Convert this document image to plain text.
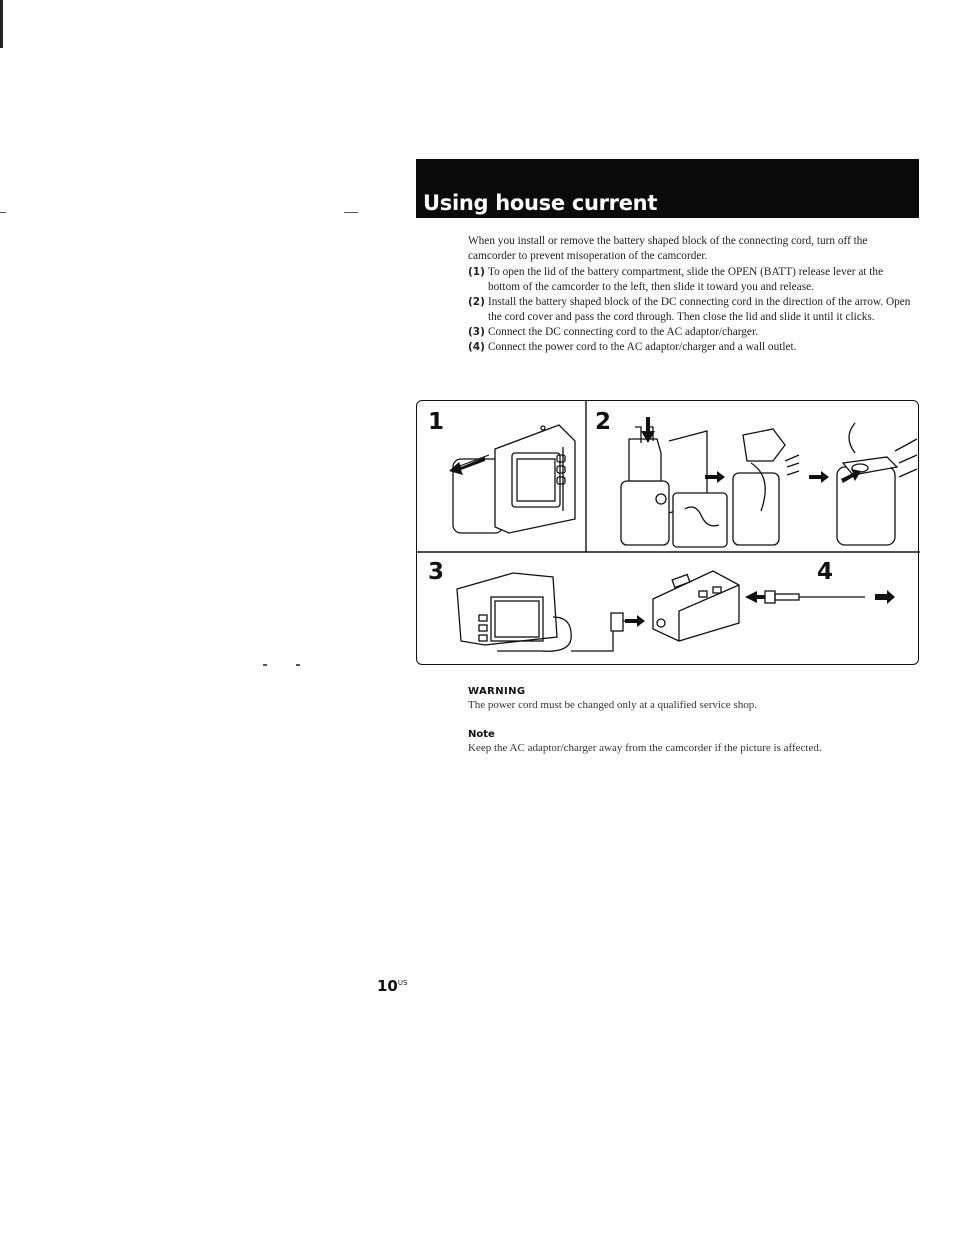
Using house current

When you install or remove the battery shaped block of the connecting cord, turn off the camcorder to prevent misoperation of the camcorder.

(1) To open the lid of the battery compartment, slide the OPEN (BATT) release lever at the bottom of the camcorder to the left, then slide it toward you and release.
(2) Install the battery shaped block of the DC connecting cord in the direction of the arrow. Open the cord cover and pass the cord through. Then close the lid and slide it until it clicks.
(3) Connect the DC connecting cord to the AC adaptor/charger.
(4) Connect the power cord to the AC adaptor/charger and a wall outlet.
1	2
3	4
WARNING
The power cord must be changed only at a qualified service shop.
Note
Keep the AC adaptor/charger away from the camcorder if the picture is affected.
$10^{US}$
